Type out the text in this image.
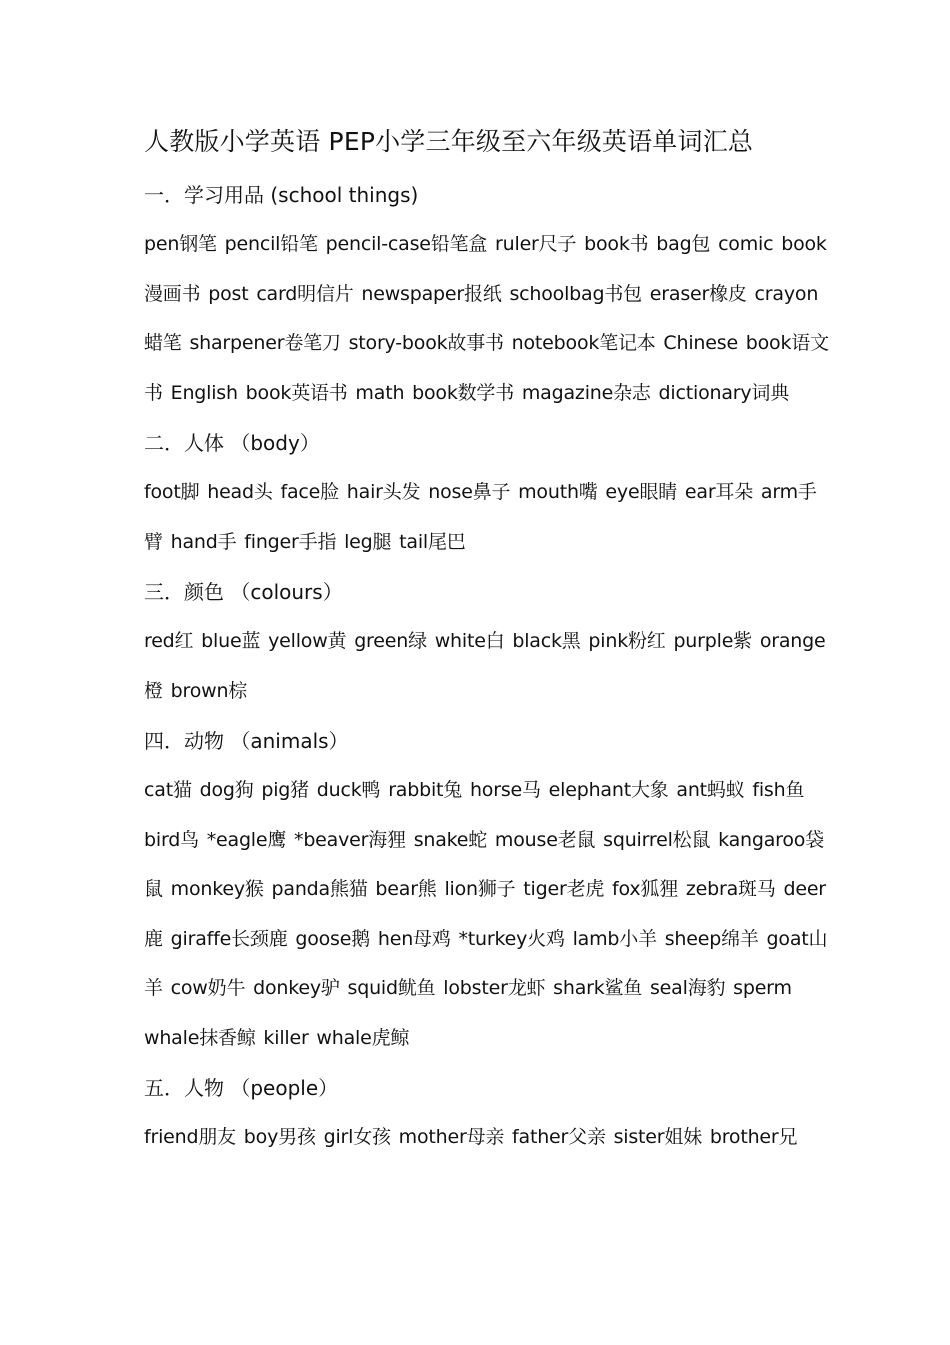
人教版小学英语 PEP小学三年级至六年级英语单词汇总
一．学习用品 (school things)

pen钢笔 pencil铅笔 pencil-case铅笔盒 ruler尺子 book书 bag包 comic book漫画书 post card明信片 newspaper报纸 schoolbag书包 eraser橡皮 crayon蜡笔 sharpener卷笔刀 story-book故事书 notebook笔记本 Chinese book语文书 English book英语书 math book数学书 magazine杂志 dictionary词典

二．人体 （body）

foot脚 head头 face脸 hair头发 nose鼻子 mouth嘴 eye眼睛 ear耳朵 arm手臂 hand手 finger手指 leg腿 tail尾巴

三．颜色 （colours）

red红 blue蓝 yellow黄 green绿 white白 black黑 pink粉红 purple紫 orange橙 brown棕

四．动物 （animals）

cat猫 dog狗 pig猪 duck鸭 rabbit兔 horse马 elephant大象 ant蚂蚁 fish鱼 bird鸟 *eagle鹰 *beaver海狸 snake蛇 mouse老鼠 squirrel松鼠 kangaroo袋鼠 monkey猴 panda熊猫 bear熊 lion狮子 tiger老虎 fox狐狸 zebra斑马 deer鹿 giraffe长颈鹿 goose鹅 hen母鸡 *turkey火鸡 lamb小羊 sheep绵羊 goat山羊 cow奶牛 donkey驴 squid鱿鱼 lobster龙虾 shark鲨鱼 seal海豹 sperm whale抹香鲸 killer whale虎鲸

五．人物 （people）

friend朋友 boy男孩 girl女孩 mother母亲 father父亲 sister姐妹 brother兄
